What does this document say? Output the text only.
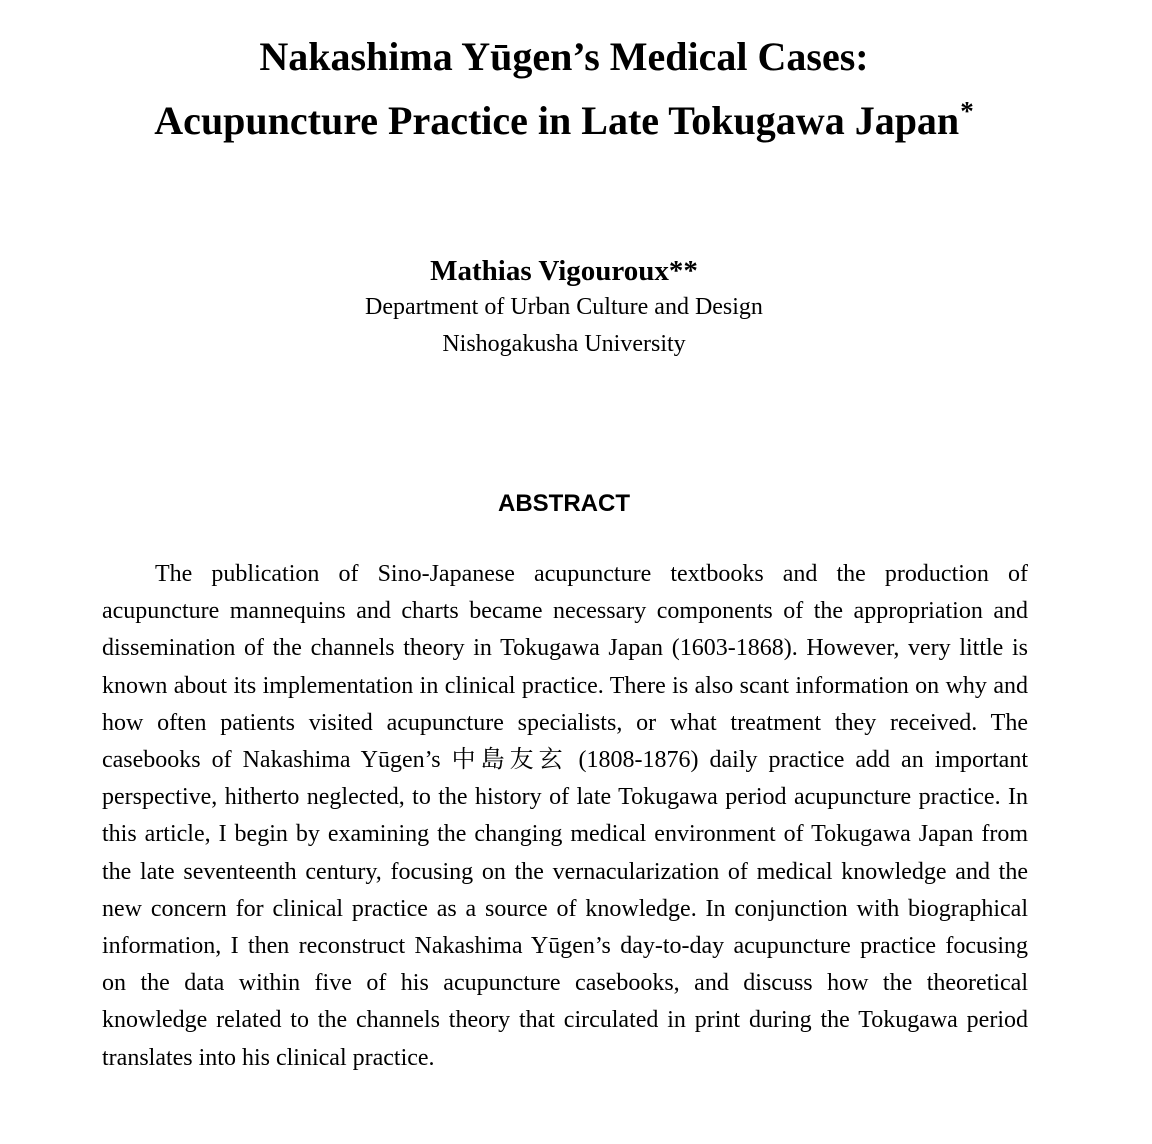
Nakashima Yūgen’s Medical Cases:
Acupuncture Practice in Late Tokugawa Japan*

Mathias Vigouroux**

Department of Urban Culture and Design

Nishogakusha University

ABSTRACT

The publication of Sino-Japanese acupuncture textbooks and the production of acupuncture mannequins and charts became necessary components of the appropriation and dissemination of the channels theory in Tokugawa Japan (1603-1868). However, very little is known about its implementation in clinical practice. There is also scant information on why and how often patients visited acupuncture specialists, or what treatment they received. The casebooks of Nakashima Yūgen’s 中島友玄 (1808-1876) daily practice add an important perspective, hitherto neglected, to the history of late Tokugawa period acupuncture practice. In this article, I begin by examining the changing medical environment of Tokugawa Japan from the late seventeenth century, focusing on the vernacularization of medical knowledge and the new concern for clinical practice as a source of knowledge. In conjunction with biographical information, I then reconstruct Nakashima Yūgen’s day-to-day acupuncture practice focusing on the data within five of his acupuncture casebooks, and discuss how the theoretical knowledge related to the channels theory that circulated in print during the Tokugawa period translates into his clinical practice.
